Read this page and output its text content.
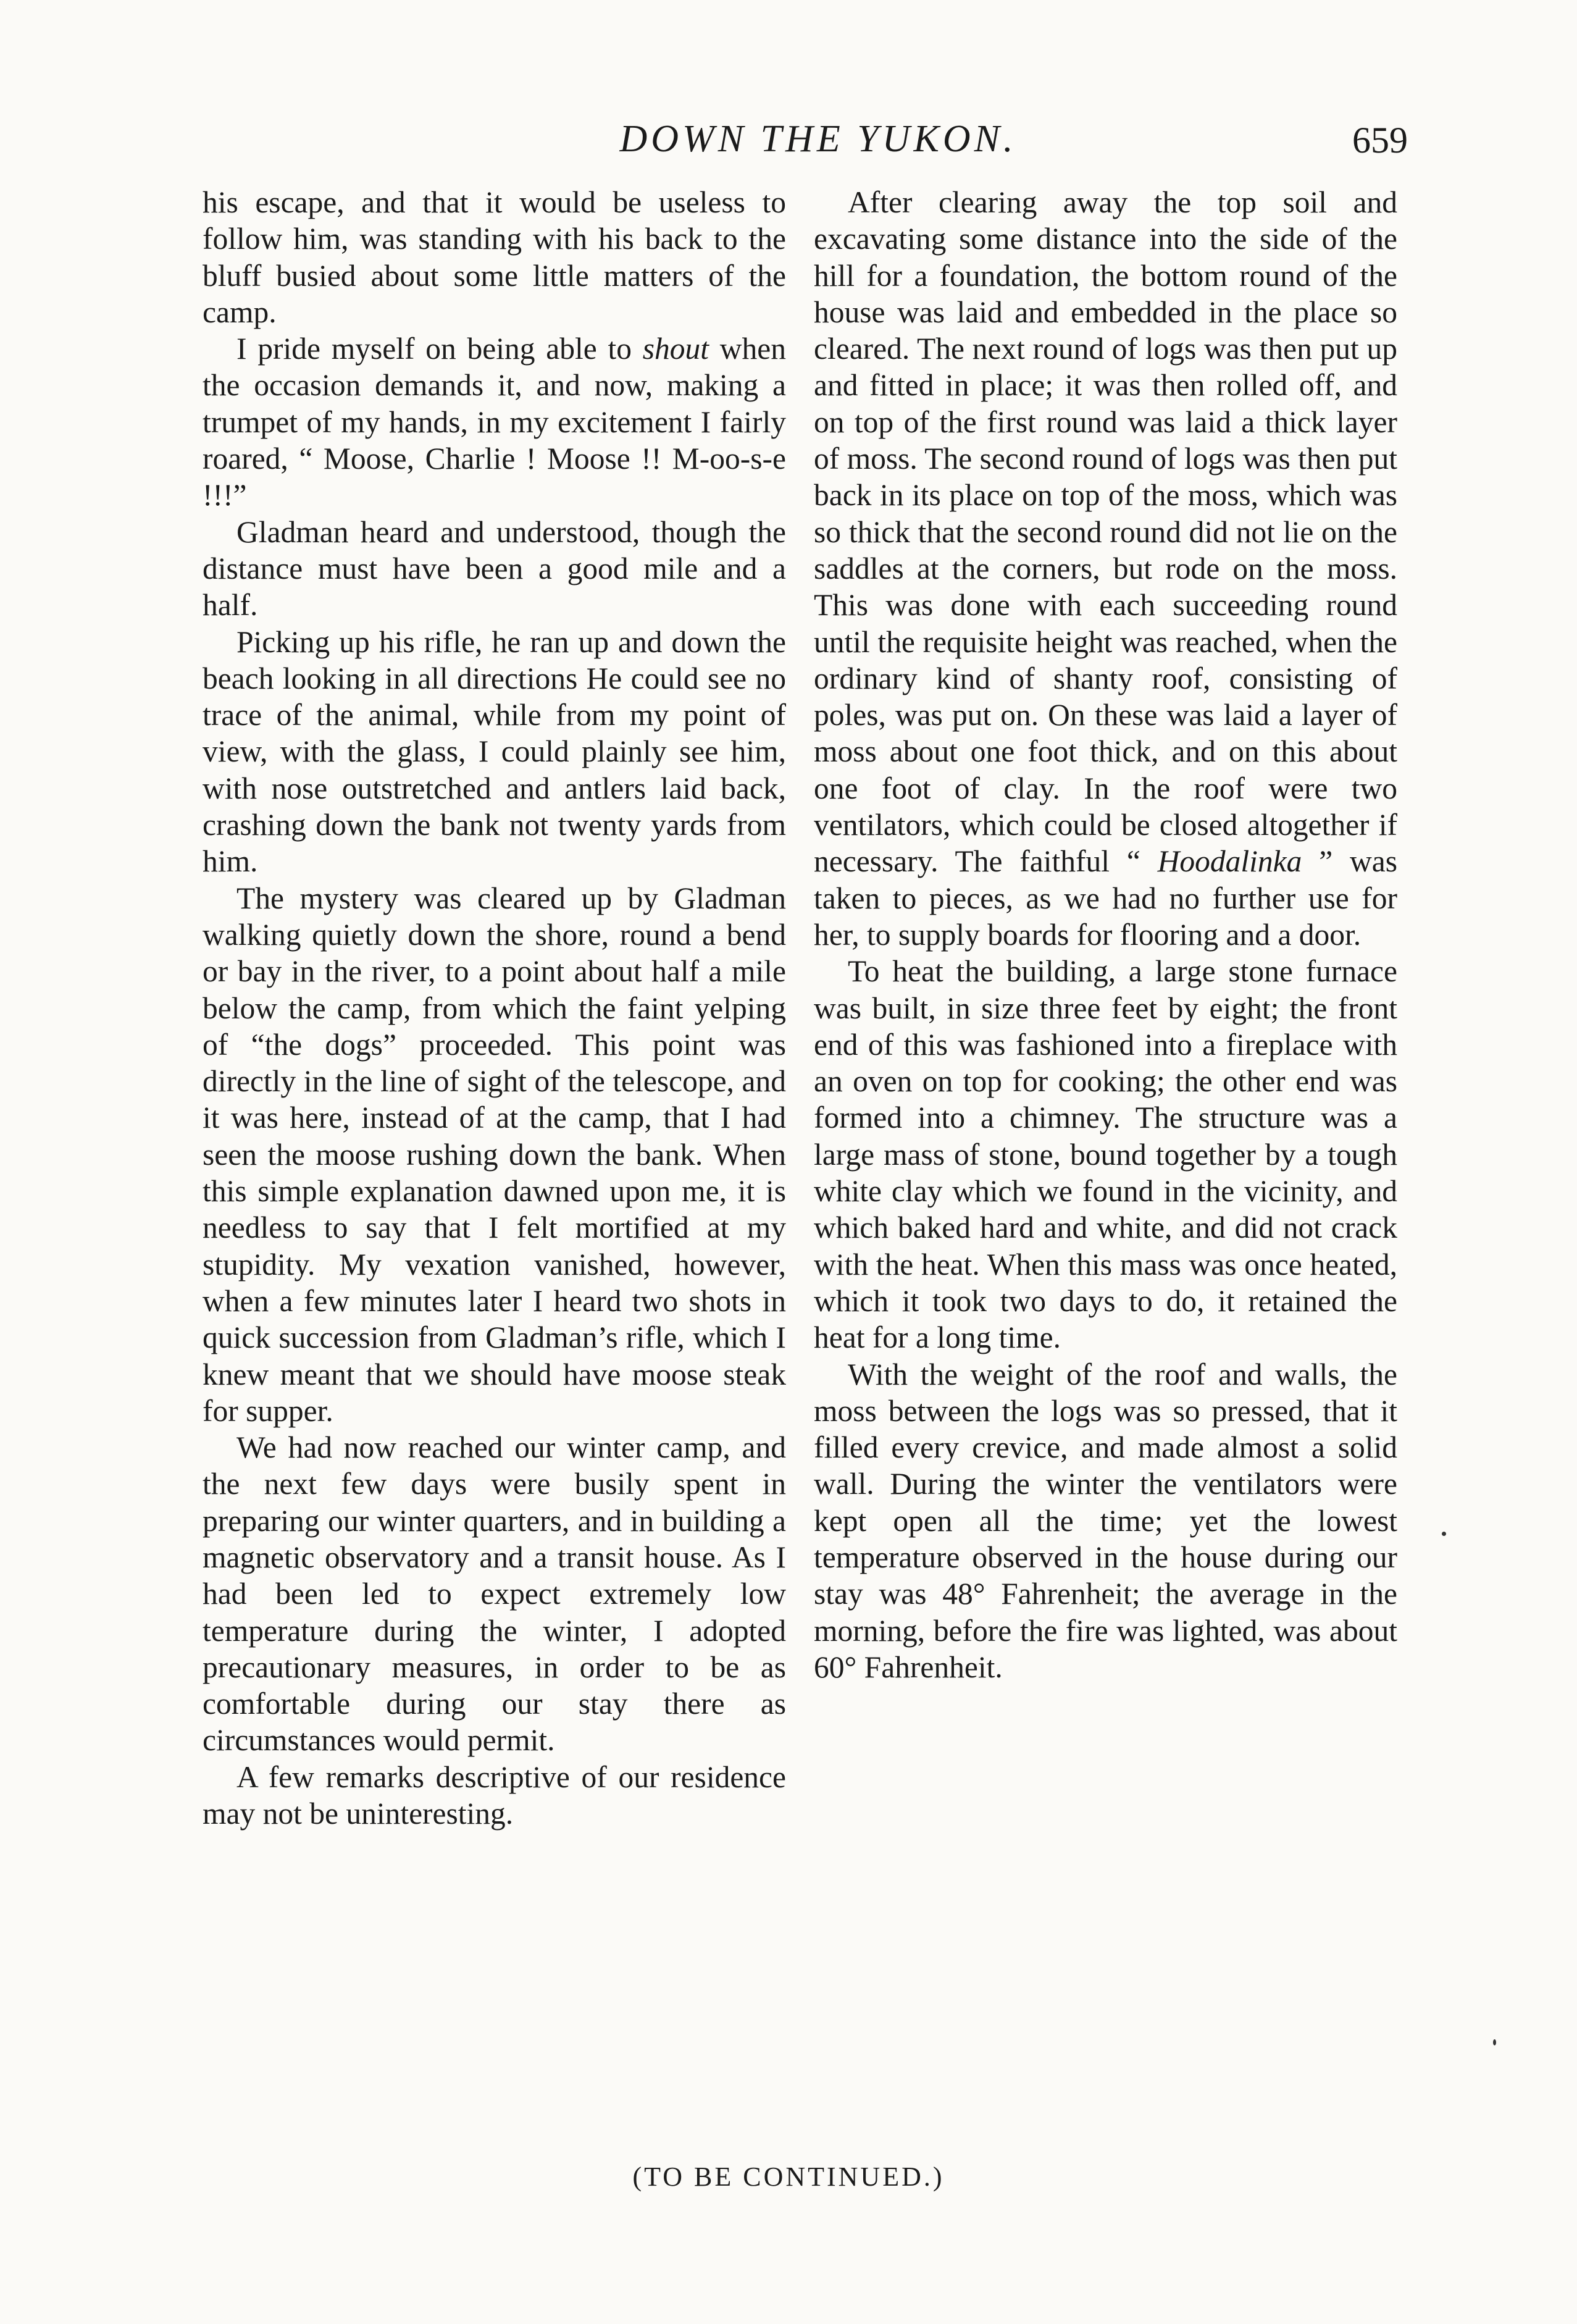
DOWN THE YUKON.	659

his escape, and that it would be useless to follow him, was standing with his back to the bluff busied about some little matters of the camp.

I pride myself on being able to shout when the occasion demands it, and now, making a trumpet of my hands, in my excitement I fairly roared, “ Moose, Charlie ! Moose !! M-oo-s-e !!!”

Gladman heard and understood, though the distance must have been a good mile and a half.

Picking up his rifle, he ran up and down the beach looking in all directions He could see no trace of the animal, while from my point of view, with the glass, I could plainly see him, with nose outstretched and antlers laid back, crashing down the bank not twenty yards from him.

The mystery was cleared up by Gladman walking quietly down the shore, round a bend or bay in the river, to a point about half a mile below the camp, from which the faint yelping of “the dogs” proceeded. This point was directly in the line of sight of the telescope, and it was here, instead of at the camp, that I had seen the moose rushing down the bank. When this simple explanation dawned upon me, it is needless to say that I felt mortified at my stupidity. My vexation vanished, however, when a few minutes later I heard two shots in quick succession from Gladman’s rifle, which I knew meant that we should have moose steak for supper.

We had now reached our winter camp, and the next few days were busily spent in preparing our winter quarters, and in building a magnetic observatory and a transit house. As I had been led to expect extremely low temperature during the winter, I adopted precautionary measures, in order to be as comfortable during our stay there as circumstances would permit.

A few remarks descriptive of our residence may not be uninteresting.

After clearing away the top soil and excavating some distance into the side of the hill for a foundation, the bottom round of the house was laid and embedded in the place so cleared. The next round of logs was then put up and fitted in place; it was then rolled off, and on top of the first round was laid a thick layer of moss. The second round of logs was then put back in its place on top of the moss, which was so thick that the second round did not lie on the saddles at the corners, but rode on the moss. This was done with each succeeding round until the requisite height was reached, when the ordinary kind of shanty roof, consisting of poles, was put on. On these was laid a layer of moss about one foot thick, and on this about one foot of clay. In the roof were two ventilators, which could be closed altogether if necessary. The faithful “ Hoodalinka ” was taken to pieces, as we had no further use for her, to supply boards for flooring and a door.

To heat the building, a large stone furnace was built, in size three feet by eight; the front end of this was fashioned into a fireplace with an oven on top for cooking; the other end was formed into a chimney. The structure was a large mass of stone, bound together by a tough white clay which we found in the vicinity, and which baked hard and white, and did not crack with the heat. When this mass was once heated, which it took two days to do, it retained the heat for a long time.

With the weight of the roof and walls, the moss between the logs was so pressed, that it filled every crevice, and made almost a solid wall. During the winter the ventilators were kept open all the time; yet the lowest temperature observed in the house during our stay was 48° Fahrenheit; the average in the morning, before the fire was lighted, was about 60° Fahrenheit.

(TO BE CONTINUED.)
